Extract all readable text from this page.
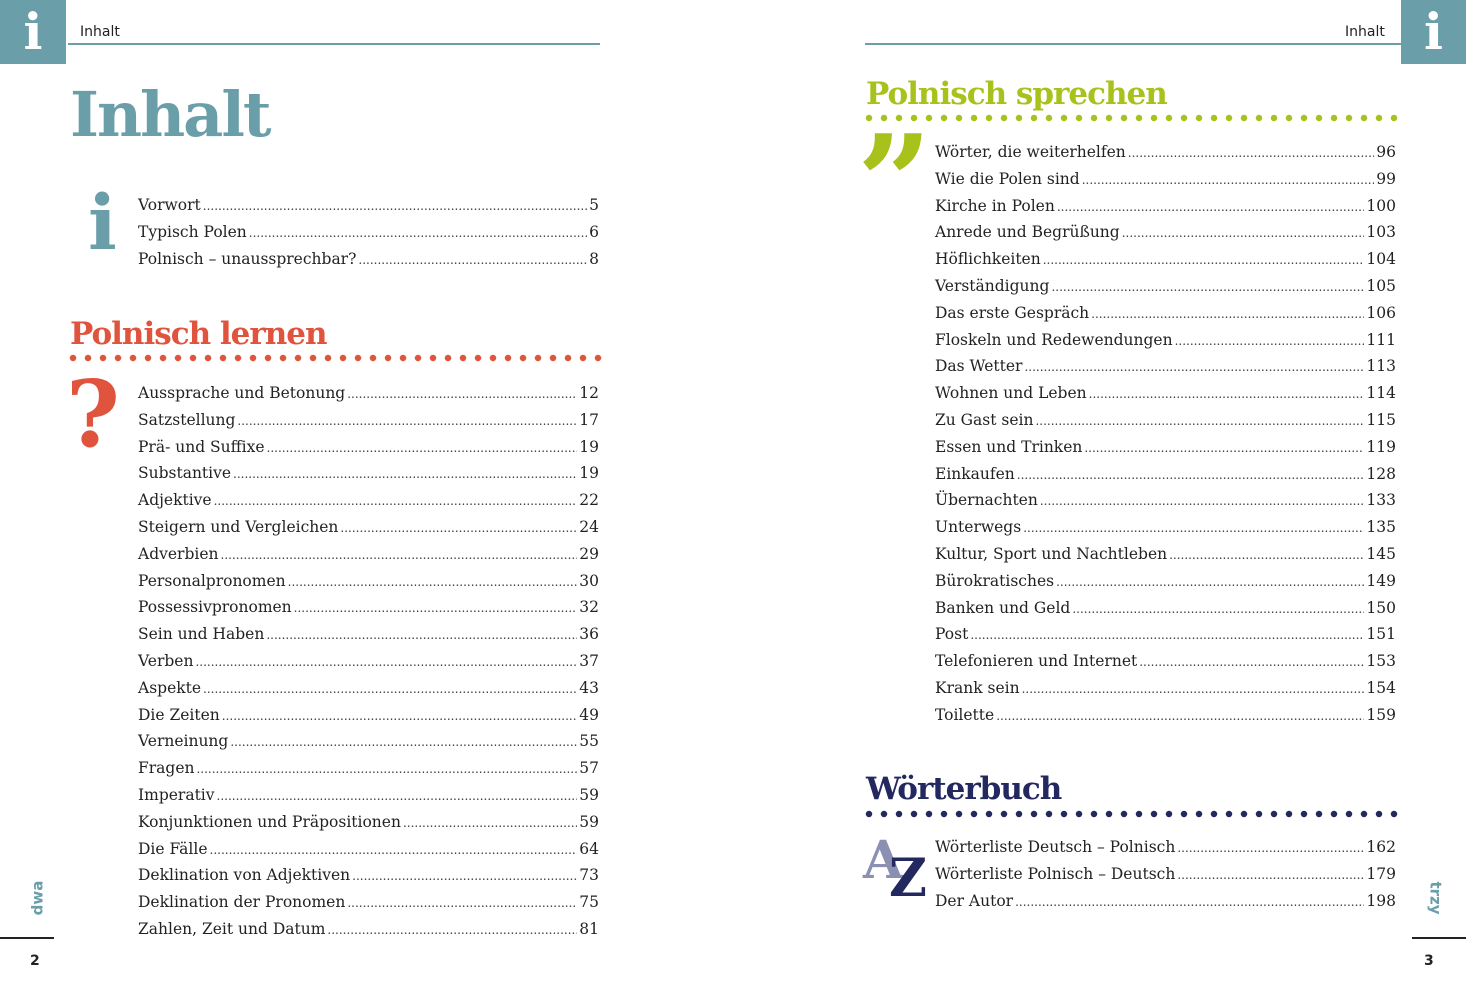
i	Inhalt
Inhalt
i Vorwort .....	5
Typisch Polen .....	6
Polnisch – unaussprechbar? .....	8
Polnisch lernen
? Aussprache und Betonung .....	12
Satzstellung .....	17
Prä- und Suffixe .....	19
Substantive .....	19
Adjektive .....	22
Steigern und Vergleichen .....	24
Adverbien .....	29
Personalpronomen .....	30
Possessivpronomen .....	32
Sein und Haben .....	36
Verben .....	37
Aspekte .....	43
Die Zeiten .....	49
Verneinung .....	55
Fragen .....	57
Imperativ .....	59
Konjunktionen und Präpositionen .....	59
Die Fälle .....	64
Deklination von Adjektiven .....	73
Deklination der Pronomen .....	75
Zahlen, Zeit und Datum .....	81
dwa
2
Inhalt i
Polnisch sprechen
” Wörter, die weiterhelfen .....	96
Wie die Polen sind .....	99
Kirche in Polen .....	100
Anrede und Begrüßung .....	103
Höflichkeiten .....	104
Verständigung .....	105
Das erste Gespräch .....	106
Floskeln und Redewendungen .....	111
Das Wetter .....	113
Wohnen und Leben .....	114
Zu Gast sein .....	115
Essen und Trinken .....	119
Einkaufen .....	128
Übernachten .....	133
Unterwegs .....	135
Kultur, Sport und Nachtleben .....	145
Bürokratisches .....	149
Banken und Geld .....	150
Post .....	151
Telefonieren und Internet .....	153
Krank sein .....	154
Toilette .....	159
Wörterbuch
A
Z
Wörterliste Deutsch – Polnisch .....	162
Wörterliste Polnisch – Deutsch .....	179
Der Autor .....	198 trzy
3
